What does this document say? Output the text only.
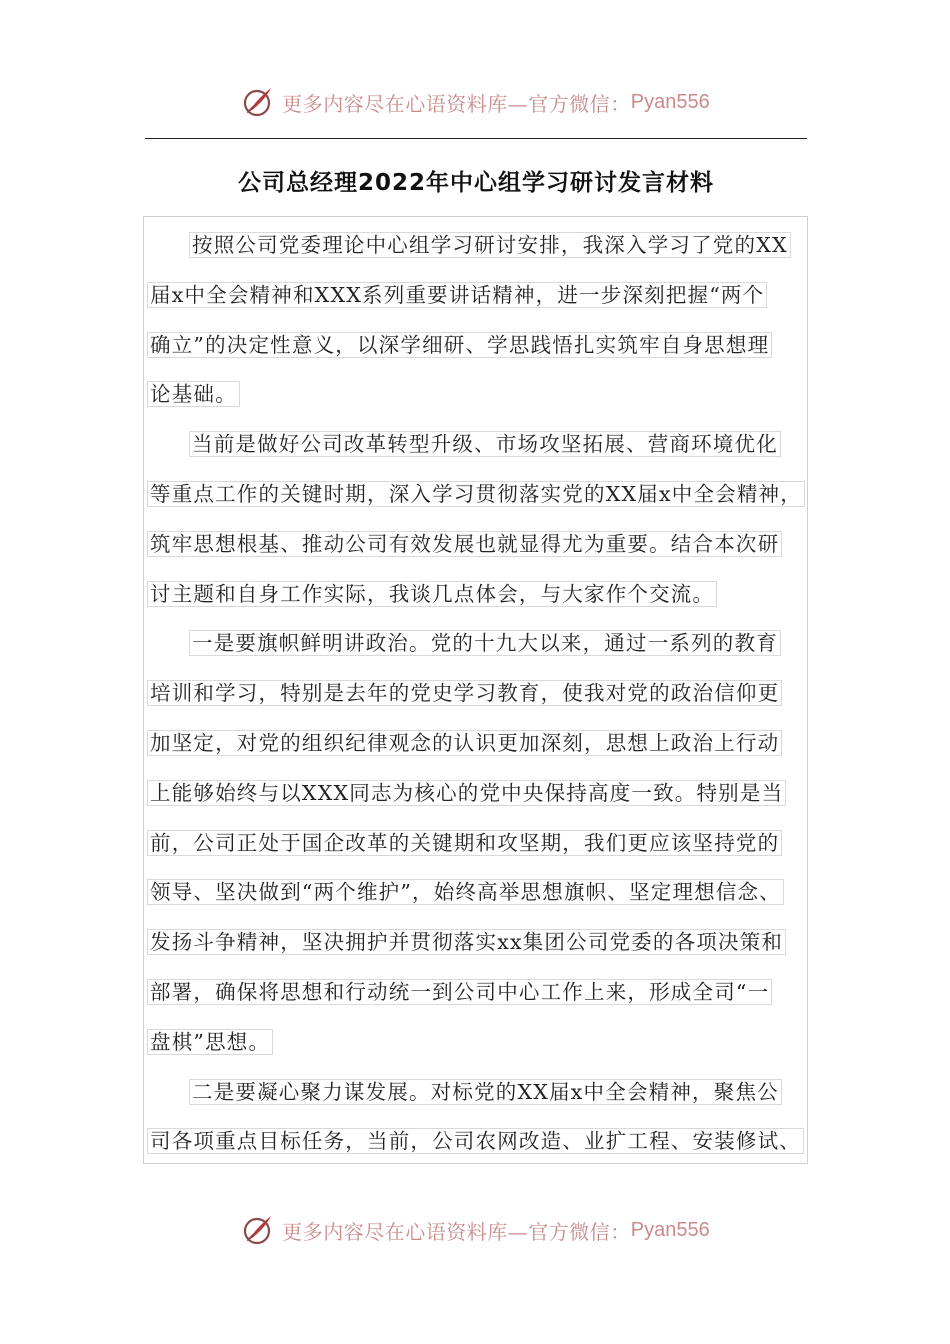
更多内容尽在心语资料库—官方微信： Pyan556
公司总经理2022年中心组学习研讨发言材料
按照公司党委理论中心组学习研讨安排，我深入学习了党的XX
届x中全会精神和XXX系列重要讲话精神，进一步深刻把握“两个
确立”的决定性意义，以深学细研、学思践悟扎实筑牢自身思想理
论基础。
当前是做好公司改革转型升级、市场攻坚拓展、营商环境优化
等重点工作的关键时期，深入学习贯彻落实党的XX届x中全会精神，
筑牢思想根基、推动公司有效发展也就显得尤为重要。结合本次研
讨主题和自身工作实际，我谈几点体会，与大家作个交流。
一是要旗帜鲜明讲政治。党的十九大以来，通过一系列的教育
培训和学习，特别是去年的党史学习教育，使我对党的政治信仰更
加坚定，对党的组织纪律观念的认识更加深刻，思想上政治上行动
上能够始终与以XXX同志为核心的党中央保持高度一致。特别是当
前，公司正处于国企改革的关键期和攻坚期，我们更应该坚持党的
领导、坚决做到“两个维护”，始终高举思想旗帜、坚定理想信念、
发扬斗争精神，坚决拥护并贯彻落实xx集团公司党委的各项决策和
部署，确保将思想和行动统一到公司中心工作上来，形成全司“一
盘棋”思想。
二是要凝心聚力谋发展。对标党的XX届x中全会精神，聚焦公
司各项重点目标任务，当前，公司农网改造、业扩工程、安装修试、
更多内容尽在心语资料库—官方微信： Pyan556
